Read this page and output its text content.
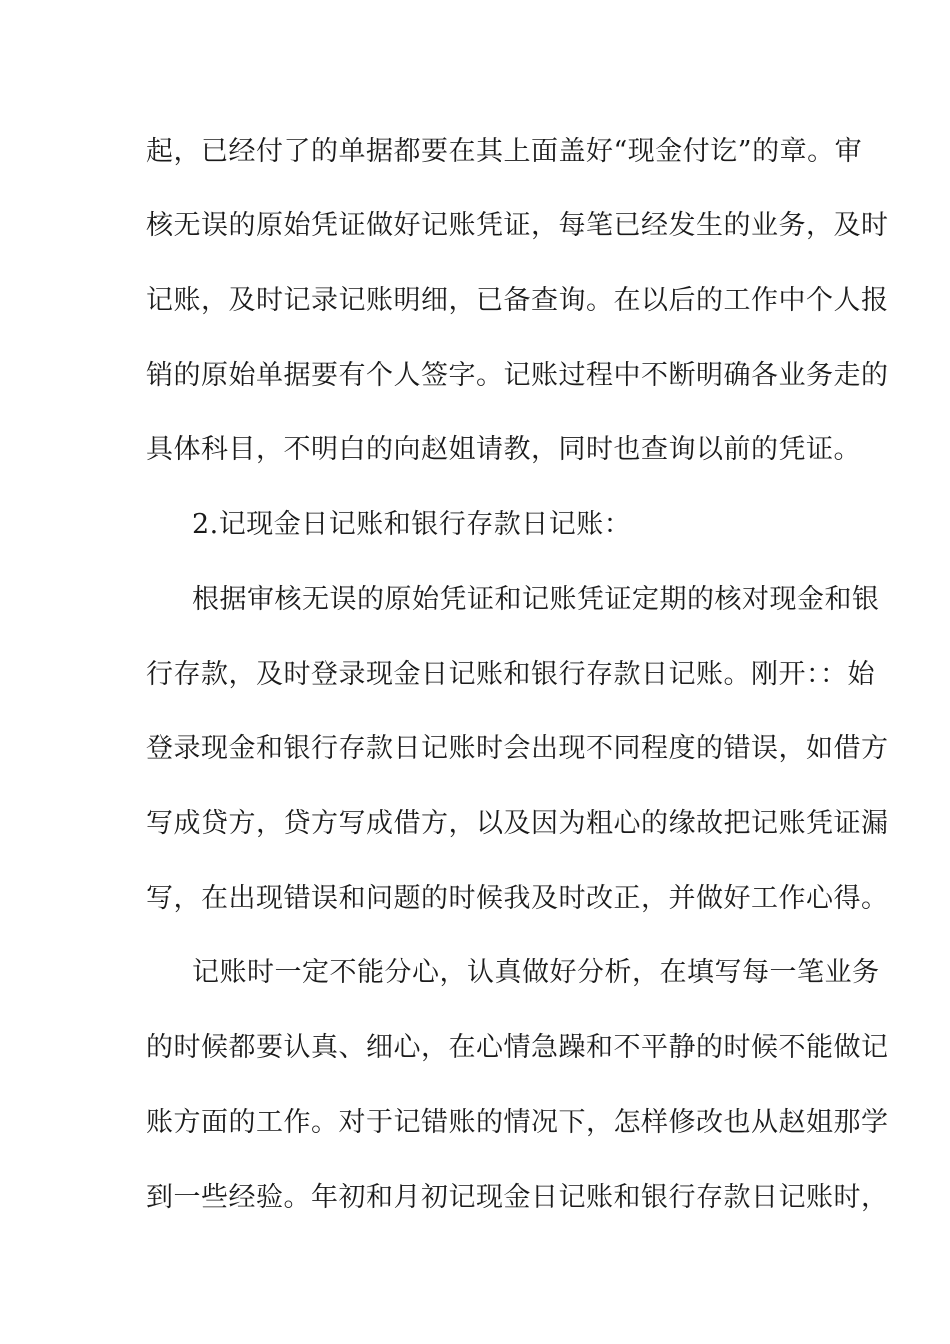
起，已经付了的单据都要在其上面盖好“现金付讫”的章。审
核无误的原始凭证做好记账凭证，每笔已经发生的业务，及时
记账，及时记录记账明细，已备查询。在以后的工作中个人报
销的原始单据要有个人签字。记账过程中不断明确各业务走的
具体科目，不明白的向赵姐请教，同时也查询以前的凭证。
2.记现金日记账和银行存款日记账：
根据审核无误的原始凭证和记账凭证定期的核对现金和银
行存款，及时登录现金日记账和银行存款日记账。刚开：：始
登录现金和银行存款日记账时会出现不同程度的错误，如借方
写成贷方，贷方写成借方，以及因为粗心的缘故把记账凭证漏
写，在出现错误和问题的时候我及时改正，并做好工作心得。
记账时一定不能分心，认真做好分析，在填写每一笔业务
的时候都要认真、细心，在心情急躁和不平静的时候不能做记
账方面的工作。对于记错账的情况下，怎样修改也从赵姐那学
到一些经验。年初和月初记现金日记账和银行存款日记账时，
